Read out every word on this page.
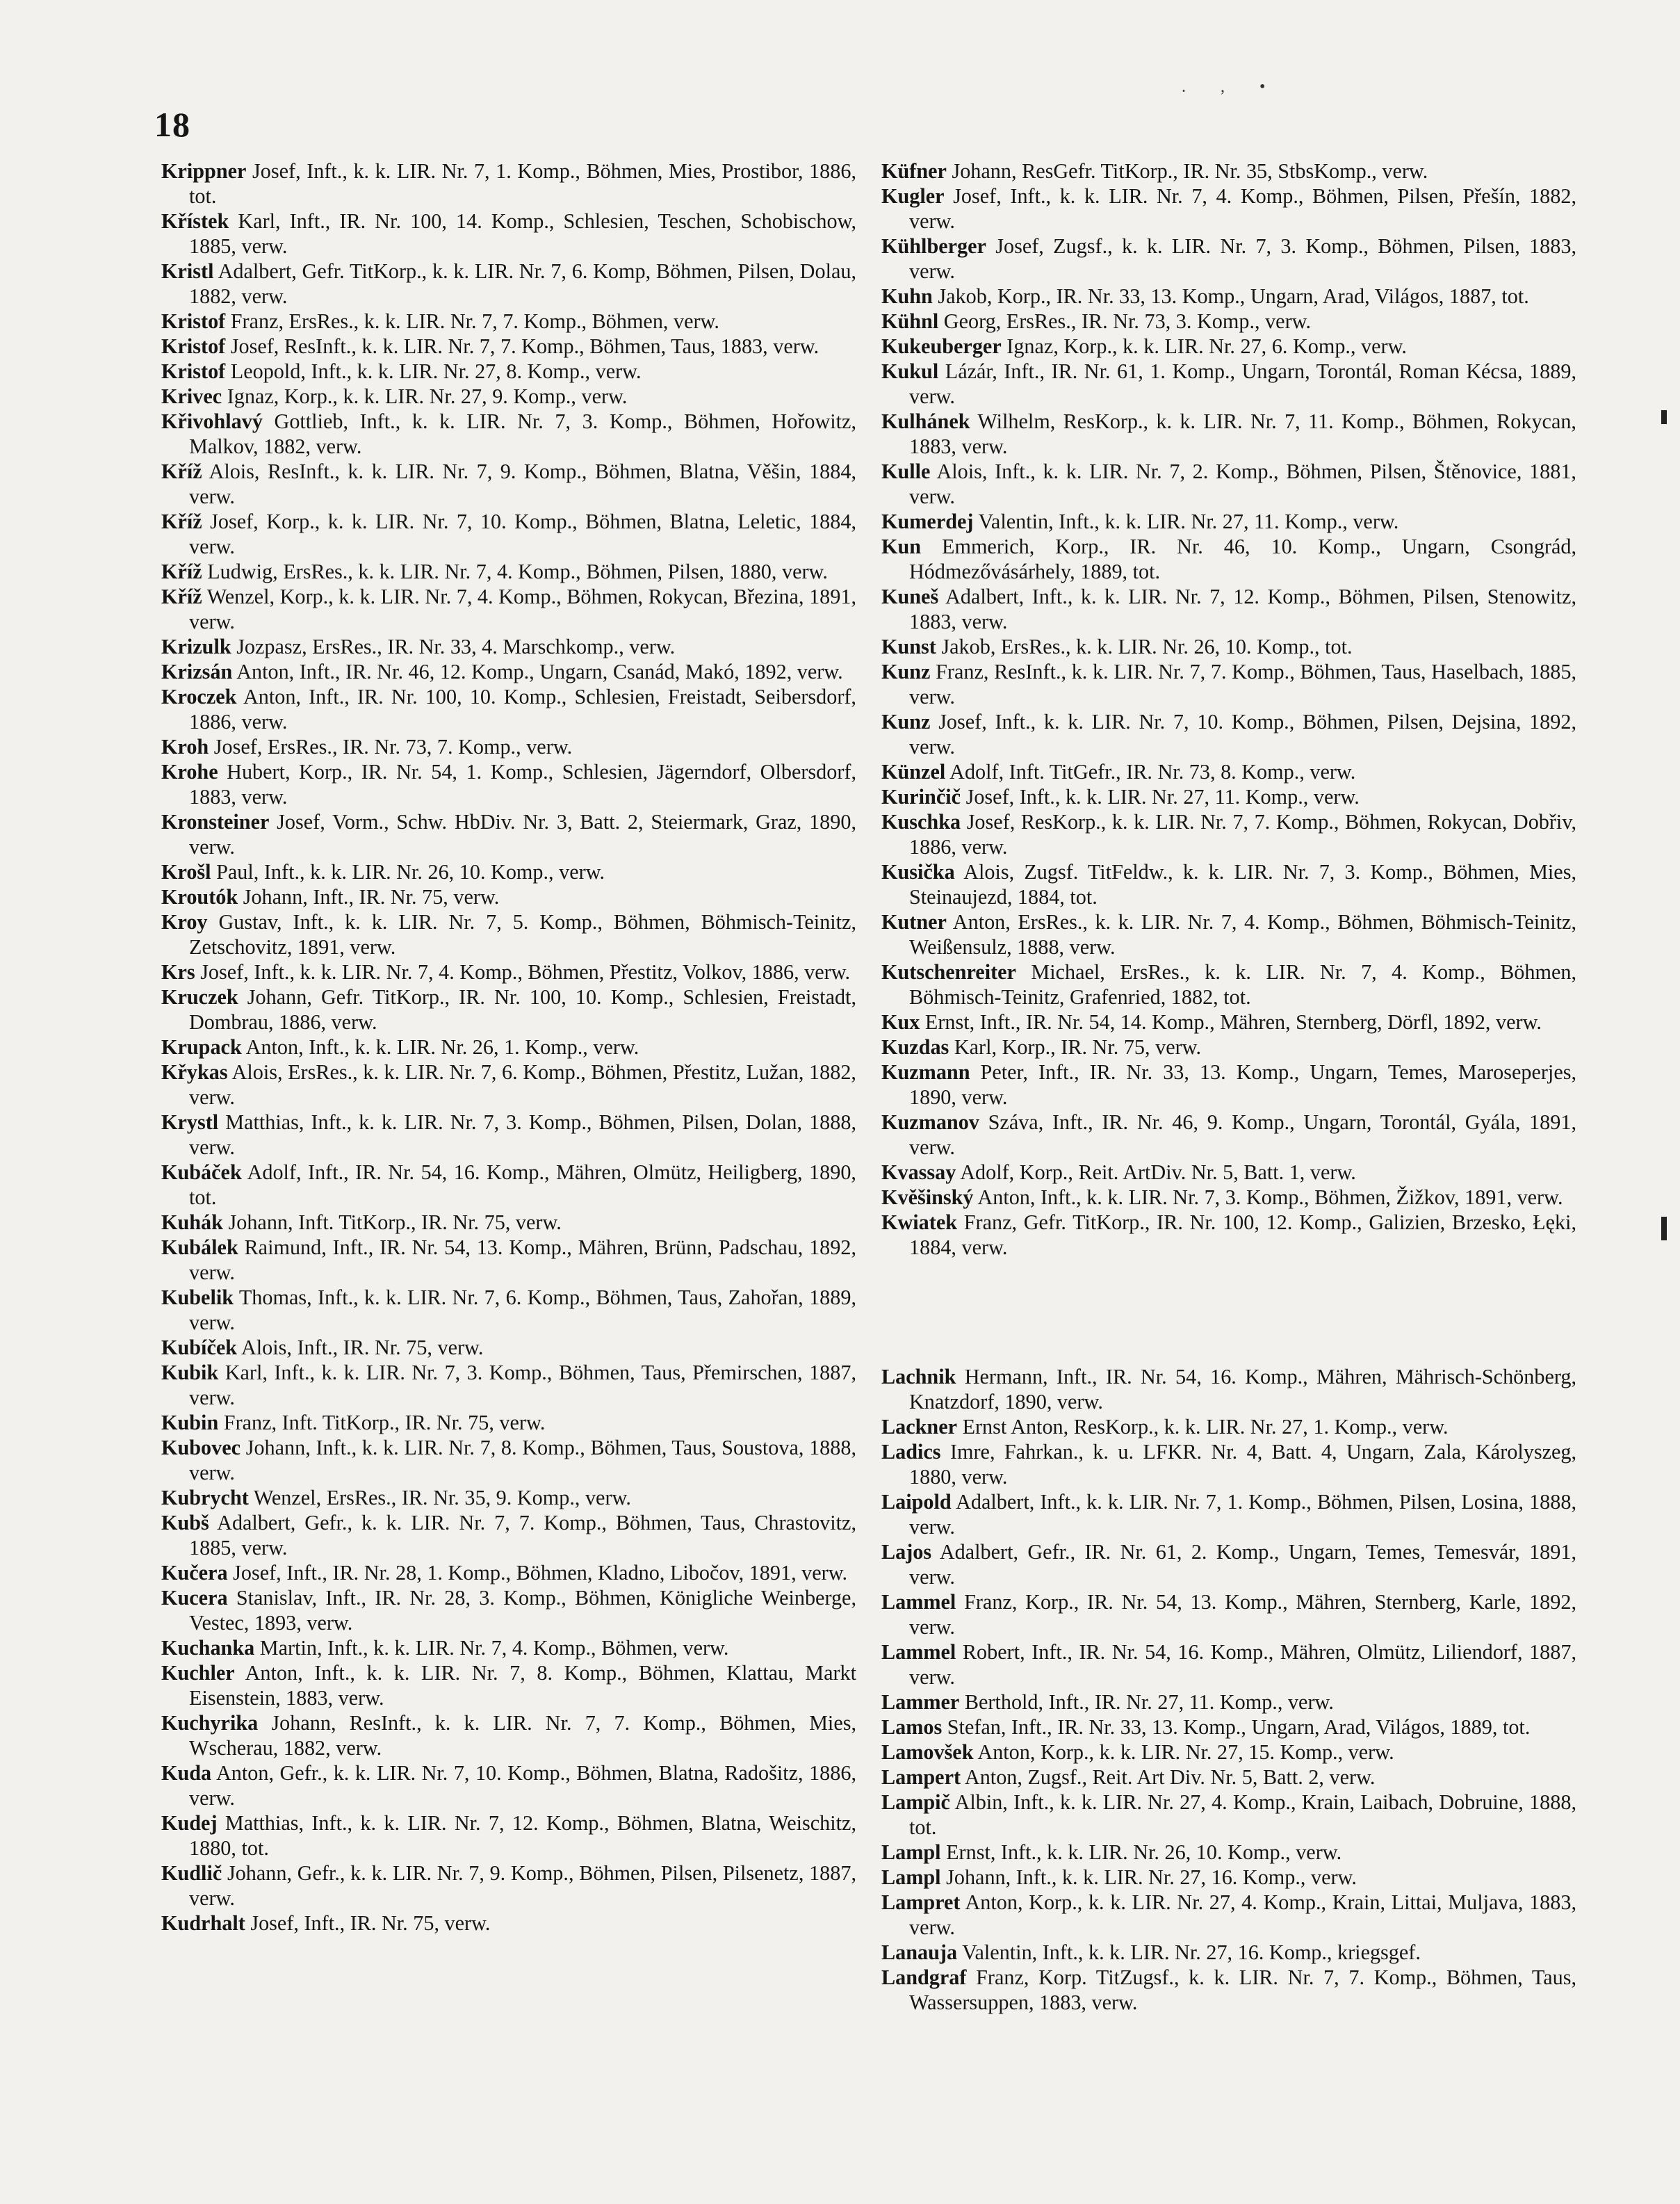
18
. , •

Krippner Josef, Inft., k. k. LIR. Nr. 7, 1. Komp., Böhmen, Mies, Prostibor, 1886, tot.

Křístek Karl, Inft., IR. Nr. 100, 14. Komp., Schlesien, Teschen, Schobischow, 1885, verw.

Kristl Adalbert, Gefr. TitKorp., k. k. LIR. Nr. 7, 6. Komp, Böhmen, Pilsen, Dolau, 1882, verw.

Kristof Franz, ErsRes., k. k. LIR. Nr. 7, 7. Komp., Böhmen, verw.

Kristof Josef, ResInft., k. k. LIR. Nr. 7, 7. Komp., Böhmen, Taus, 1883, verw.

Kristof Leopold, Inft., k. k. LIR. Nr. 27, 8. Komp., verw.

Krivec Ignaz, Korp., k. k. LIR. Nr. 27, 9. Komp., verw.

Křivohlavý Gottlieb, Inft., k. k. LIR. Nr. 7, 3. Komp., Böhmen, Hořowitz, Malkov, 1882, verw.

Kříž Alois, ResInft., k. k. LIR. Nr. 7, 9. Komp., Böhmen, Blatna, Věšin, 1884, verw.

Kříž Josef, Korp., k. k. LIR. Nr. 7, 10. Komp., Böhmen, Blatna, Leletic, 1884, verw.

Kříž Ludwig, ErsRes., k. k. LIR. Nr. 7, 4. Komp., Böhmen, Pilsen, 1880, verw.

Kříž Wenzel, Korp., k. k. LIR. Nr. 7, 4. Komp., Böhmen, Rokycan, Březina, 1891, verw.

Krizulk Jozpasz, ErsRes., IR. Nr. 33, 4. Marschkomp., verw.

Krizsán Anton, Inft., IR. Nr. 46, 12. Komp., Ungarn, Csanád, Makó, 1892, verw.

Kroczek Anton, Inft., IR. Nr. 100, 10. Komp., Schlesien, Freistadt, Seibersdorf, 1886, verw.

Kroh Josef, ErsRes., IR. Nr. 73, 7. Komp., verw.

Krohe Hubert, Korp., IR. Nr. 54, 1. Komp., Schlesien, Jägerndorf, Olbersdorf, 1883, verw.

Kronsteiner Josef, Vorm., Schw. HbDiv. Nr. 3, Batt. 2, Steiermark, Graz, 1890, verw.

Krošl Paul, Inft., k. k. LIR. Nr. 26, 10. Komp., verw.

Kroutók Johann, Inft., IR. Nr. 75, verw.

Kroy Gustav, Inft., k. k. LIR. Nr. 7, 5. Komp., Böhmen, Böhmisch-Teinitz, Zetschovitz, 1891, verw.

Krs Josef, Inft., k. k. LIR. Nr. 7, 4. Komp., Böhmen, Přestitz, Volkov, 1886, verw.

Kruczek Johann, Gefr. TitKorp., IR. Nr. 100, 10. Komp., Schlesien, Freistadt, Dombrau, 1886, verw.

Krupack Anton, Inft., k. k. LIR. Nr. 26, 1. Komp., verw.

Křykas Alois, ErsRes., k. k. LIR. Nr. 7, 6. Komp., Böhmen, Přestitz, Lužan, 1882, verw.

Krystl Matthias, Inft., k. k. LIR. Nr. 7, 3. Komp., Böhmen, Pilsen, Dolan, 1888, verw.

Kubáček Adolf, Inft., IR. Nr. 54, 16. Komp., Mähren, Olmütz, Heiligberg, 1890, tot.

Kuhák Johann, Inft. TitKorp., IR. Nr. 75, verw.

Kubálek Raimund, Inft., IR. Nr. 54, 13. Komp., Mähren, Brünn, Padschau, 1892, verw.

Kubelik Thomas, Inft., k. k. LIR. Nr. 7, 6. Komp., Böhmen, Taus, Zahořan, 1889, verw.

Kubíček Alois, Inft., IR. Nr. 75, verw.

Kubik Karl, Inft., k. k. LIR. Nr. 7, 3. Komp., Böhmen, Taus, Přemirschen, 1887, verw.

Kubin Franz, Inft. TitKorp., IR. Nr. 75, verw.

Kubovec Johann, Inft., k. k. LIR. Nr. 7, 8. Komp., Böhmen, Taus, Soustova, 1888, verw.

Kubrycht Wenzel, ErsRes., IR. Nr. 35, 9. Komp., verw.

Kubš Adalbert, Gefr., k. k. LIR. Nr. 7, 7. Komp., Böhmen, Taus, Chrastovitz, 1885, verw.

Kučera Josef, Inft., IR. Nr. 28, 1. Komp., Böhmen, Kladno, Libočov, 1891, verw.

Kucera Stanislav, Inft., IR. Nr. 28, 3. Komp., Böhmen, Königliche Weinberge, Vestec, 1893, verw.

Kuchanka Martin, Inft., k. k. LIR. Nr. 7, 4. Komp., Böhmen, verw.

Kuchler Anton, Inft., k. k. LIR. Nr. 7, 8. Komp., Böhmen, Klattau, Markt Eisenstein, 1883, verw.

Kuchyrika Johann, ResInft., k. k. LIR. Nr. 7, 7. Komp., Böhmen, Mies, Wscherau, 1882, verw.

Kuda Anton, Gefr., k. k. LIR. Nr. 7, 10. Komp., Böhmen, Blatna, Radošitz, 1886, verw.

Kudej Matthias, Inft., k. k. LIR. Nr. 7, 12. Komp., Böhmen, Blatna, Weischitz, 1880, tot.

Kudlič Johann, Gefr., k. k. LIR. Nr. 7, 9. Komp., Böhmen, Pilsen, Pilsenetz, 1887, verw.

Kudrhalt Josef, Inft., IR. Nr. 75, verw.

Küfner Johann, ResGefr. TitKorp., IR. Nr. 35, StbsKomp., verw.

Kugler Josef, Inft., k. k. LIR. Nr. 7, 4. Komp., Böhmen, Pilsen, Přešín, 1882, verw.

Kühlberger Josef, Zugsf., k. k. LIR. Nr. 7, 3. Komp., Böhmen, Pilsen, 1883, verw.

Kuhn Jakob, Korp., IR. Nr. 33, 13. Komp., Ungarn, Arad, Világos, 1887, tot.

Kühnl Georg, ErsRes., IR. Nr. 73, 3. Komp., verw.

Kukeuberger Ignaz, Korp., k. k. LIR. Nr. 27, 6. Komp., verw.

Kukul Lázár, Inft., IR. Nr. 61, 1. Komp., Ungarn, Torontál, Roman Kécsa, 1889, verw.

Kulhánek Wilhelm, ResKorp., k. k. LIR. Nr. 7, 11. Komp., Böhmen, Rokycan, 1883, verw.

Kulle Alois, Inft., k. k. LIR. Nr. 7, 2. Komp., Böhmen, Pilsen, Štěnovice, 1881, verw.

Kumerdej Valentin, Inft., k. k. LIR. Nr. 27, 11. Komp., verw.

Kun Emmerich, Korp., IR. Nr. 46, 10. Komp., Ungarn, Csongrád, Hódmezővásárhely, 1889, tot.

Kuneš Adalbert, Inft., k. k. LIR. Nr. 7, 12. Komp., Böhmen, Pilsen, Stenowitz, 1883, verw.

Kunst Jakob, ErsRes., k. k. LIR. Nr. 26, 10. Komp., tot.

Kunz Franz, ResInft., k. k. LIR. Nr. 7, 7. Komp., Böhmen, Taus, Haselbach, 1885, verw.

Kunz Josef, Inft., k. k. LIR. Nr. 7, 10. Komp., Böhmen, Pilsen, Dejsina, 1892, verw.

Künzel Adolf, Inft. TitGefr., IR. Nr. 73, 8. Komp., verw.

Kurinčič Josef, Inft., k. k. LIR. Nr. 27, 11. Komp., verw.

Kuschka Josef, ResKorp., k. k. LIR. Nr. 7, 7. Komp., Böhmen, Rokycan, Dobřiv, 1886, verw.

Kusička Alois, Zugsf. TitFeldw., k. k. LIR. Nr. 7, 3. Komp., Böhmen, Mies, Steinaujezd, 1884, tot.

Kutner Anton, ErsRes., k. k. LIR. Nr. 7, 4. Komp., Böhmen, Böhmisch-Teinitz, Weißensulz, 1888, verw.

Kutschenreiter Michael, ErsRes., k. k. LIR. Nr. 7, 4. Komp., Böhmen, Böhmisch-Teinitz, Grafenried, 1882, tot.

Kux Ernst, Inft., IR. Nr. 54, 14. Komp., Mähren, Sternberg, Dörfl, 1892, verw.

Kuzdas Karl, Korp., IR. Nr. 75, verw.

Kuzmann Peter, Inft., IR. Nr. 33, 13. Komp., Ungarn, Temes, Maroseperjes, 1890, verw.

Kuzmanov Száva, Inft., IR. Nr. 46, 9. Komp., Ungarn, Torontál, Gyála, 1891, verw.

Kvassay Adolf, Korp., Reit. ArtDiv. Nr. 5, Batt. 1, verw.

Kvěšinský Anton, Inft., k. k. LIR. Nr. 7, 3. Komp., Böhmen, Žižkov, 1891, verw.

Kwiatek Franz, Gefr. TitKorp., IR. Nr. 100, 12. Komp., Galizien, Brzesko, Łęki, 1884, verw.

Lachnik Hermann, Inft., IR. Nr. 54, 16. Komp., Mähren, Mährisch-Schönberg, Knatzdorf, 1890, verw.

Lackner Ernst Anton, ResKorp., k. k. LIR. Nr. 27, 1. Komp., verw.

Ladics Imre, Fahrkan., k. u. LFKR. Nr. 4, Batt. 4, Ungarn, Zala, Károlyszeg, 1880, verw.

Laipold Adalbert, Inft., k. k. LIR. Nr. 7, 1. Komp., Böhmen, Pilsen, Losina, 1888, verw.

Lajos Adalbert, Gefr., IR. Nr. 61, 2. Komp., Ungarn, Temes, Temesvár, 1891, verw.

Lammel Franz, Korp., IR. Nr. 54, 13. Komp., Mähren, Sternberg, Karle, 1892, verw.

Lammel Robert, Inft., IR. Nr. 54, 16. Komp., Mähren, Olmütz, Liliendorf, 1887, verw.

Lammer Berthold, Inft., IR. Nr. 27, 11. Komp., verw.

Lamos Stefan, Inft., IR. Nr. 33, 13. Komp., Ungarn, Arad, Világos, 1889, tot.

Lamovšek Anton, Korp., k. k. LIR. Nr. 27, 15. Komp., verw.

Lampert Anton, Zugsf., Reit. Art Div. Nr. 5, Batt. 2, verw.

Lampič Albin, Inft., k. k. LIR. Nr. 27, 4. Komp., Krain, Laibach, Dobruine, 1888, tot.

Lampl Ernst, Inft., k. k. LIR. Nr. 26, 10. Komp., verw.

Lampl Johann, Inft., k. k. LIR. Nr. 27, 16. Komp., verw.

Lampret Anton, Korp., k. k. LIR. Nr. 27, 4. Komp., Krain, Littai, Muljava, 1883, verw.

Lanauja Valentin, Inft., k. k. LIR. Nr. 27, 16. Komp., kriegsgef.

Landgraf Franz, Korp. TitZugsf., k. k. LIR. Nr. 7, 7. Komp., Böhmen, Taus, Wassersuppen, 1883, verw.
